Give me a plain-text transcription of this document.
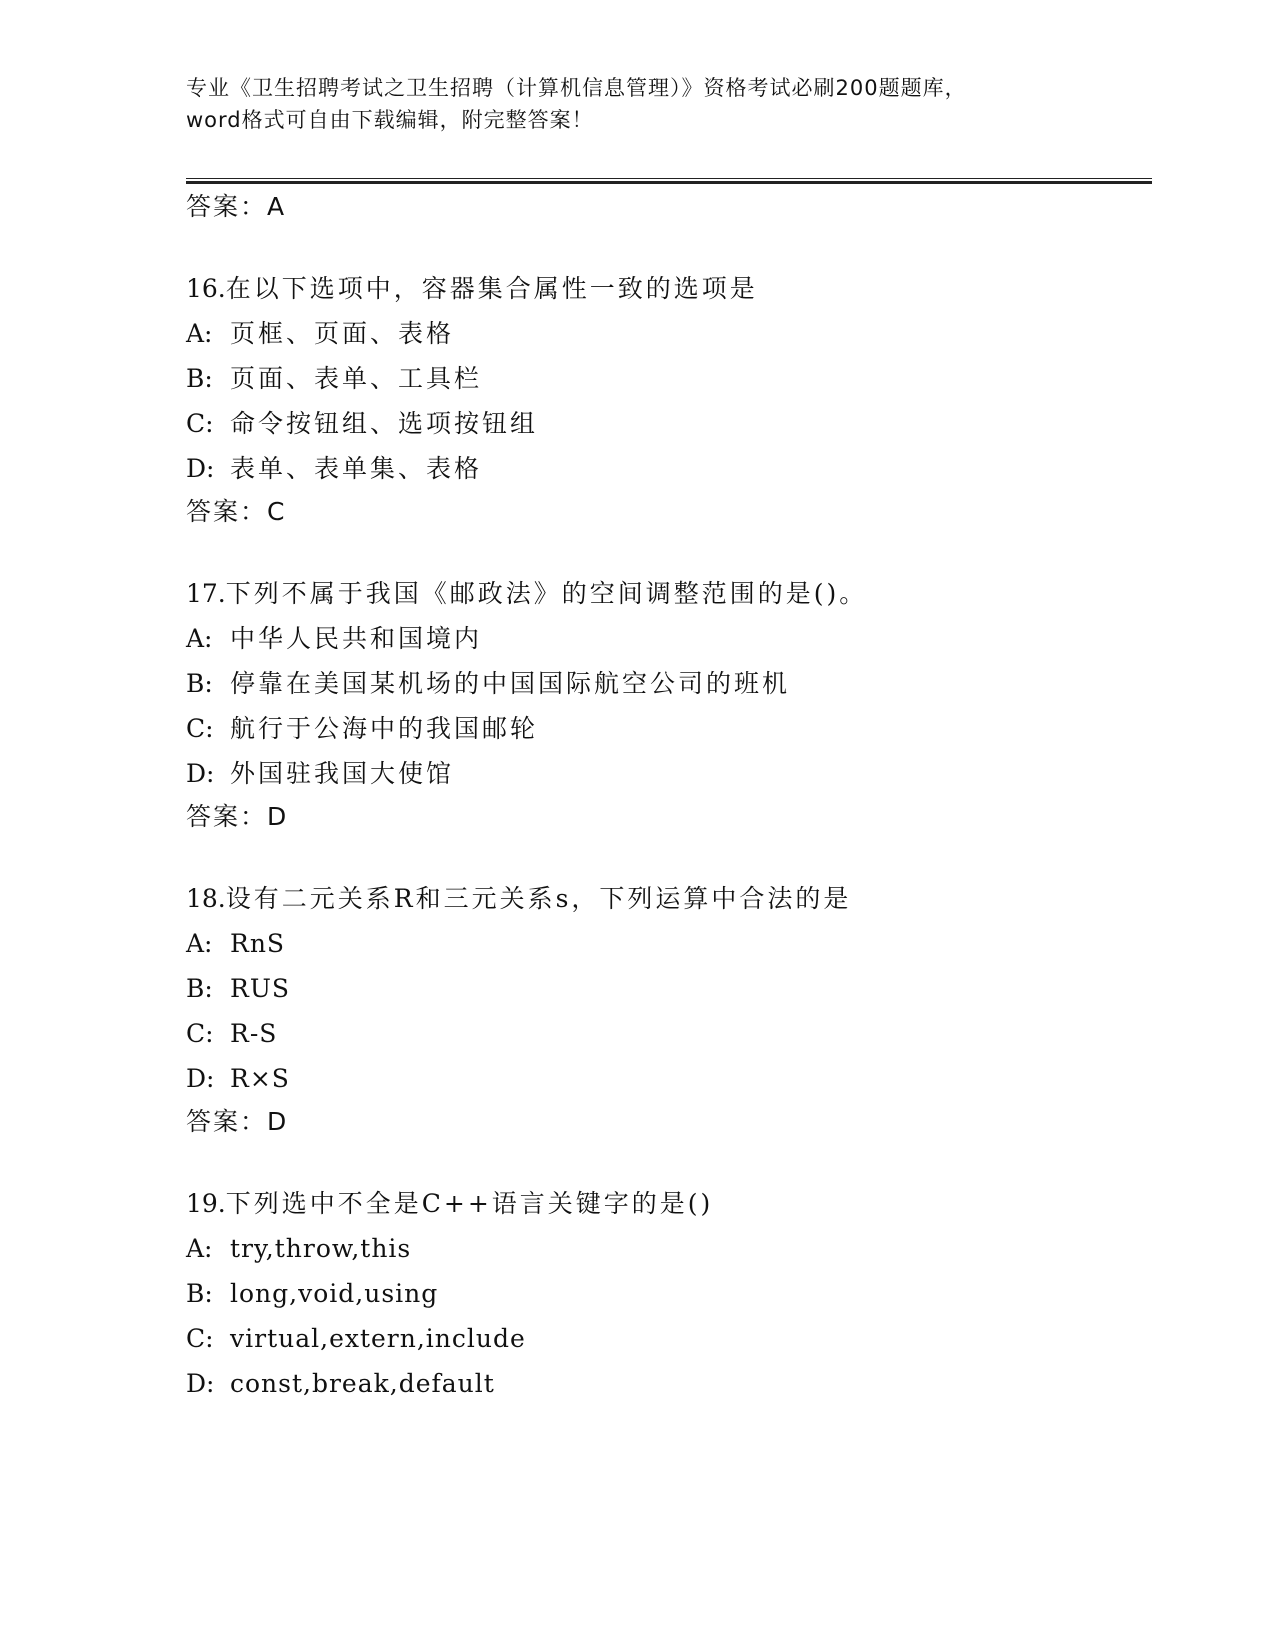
专业《卫生招聘考试之卫生招聘（计算机信息管理）》资格考试必刷200题题库，
word格式可自由下载编辑，附完整答案！
答案：A
16.在以下选项中，容器集合属性一致的选项是
A: 页框、页面、表格
B: 页面、表单、工具栏
C: 命令按钮组、选项按钮组
D: 表单、表单集、表格
答案：C
17.下列不属于我国《邮政法》的空间调整范围的是()。
A: 中华人民共和国境内
B: 停靠在美国某机场的中国国际航空公司的班机
C: 航行于公海中的我国邮轮
D: 外国驻我国大使馆
答案：D
18.设有二元关系R和三元关系s，下列运算中合法的是
A: RnS
B: RUS
C: R-S
D: R×S
答案：D
19.下列选中不全是C++语言关键字的是()
A: try,throw,this
B: long,void,using
C: virtual,extern,include
D: const,break,default
